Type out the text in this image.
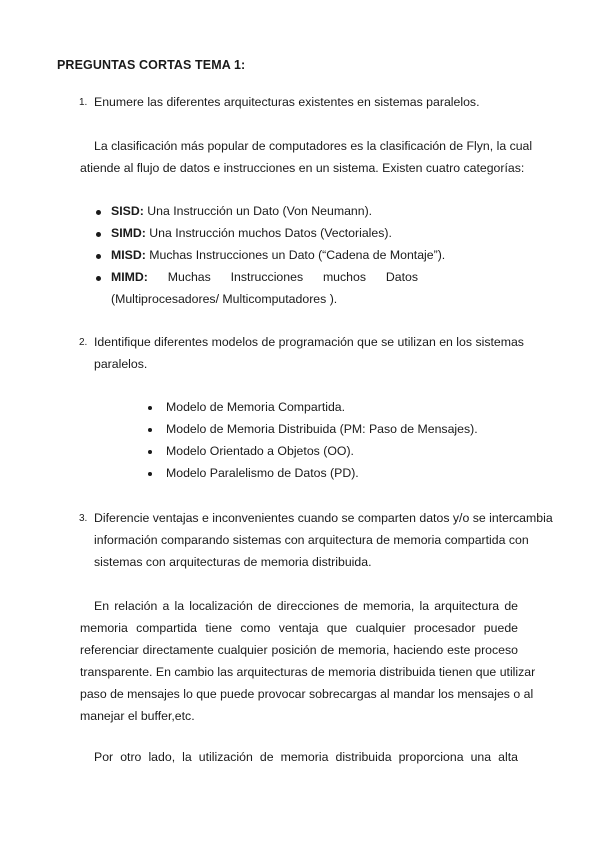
PREGUNTAS CORTAS TEMA 1:
1. Enumere las diferentes arquitecturas existentes en sistemas paralelos.
La clasificación más popular de computadores es la clasificación de Flyn, la cual
atiende al flujo de datos e instrucciones en un sistema. Existen cuatro categorías:
SISD: Una Instrucción un Dato (Von Neumann).
SIMD: Una Instrucción muchos Datos (Vectoriales).
MISD: Muchas Instrucciones un Dato (“Cadena de Montaje”).
MIMD: Muchas Instrucciones muchos Datos
(Multiprocesadores/ Multicomputadores ).
2. Identifique diferentes modelos de programación que se utilizan en los sistemas
paralelos.
Modelo de Memoria Compartida.
Modelo de Memoria Distribuida (PM: Paso de Mensajes).
Modelo Orientado a Objetos (OO).
Modelo Paralelismo de Datos (PD).
3. Diferencie ventajas e inconvenientes cuando se comparten datos y/o se intercambia
información comparando sistemas con arquitectura de memoria compartida con
sistemas con arquitecturas de memoria distribuida.
En relación a la localización de direcciones de memoria, la arquitectura de
memoria compartida tiene como ventaja que cualquier procesador puede
referenciar directamente cualquier posición de memoria, haciendo este proceso
transparente. En cambio las arquitecturas de memoria distribuida tienen que utilizar
paso de mensajes lo que puede provocar sobrecargas al mandar los mensajes o al
manejar el buffer,etc.
Por otro lado, la utilización de memoria distribuida proporciona una alta
